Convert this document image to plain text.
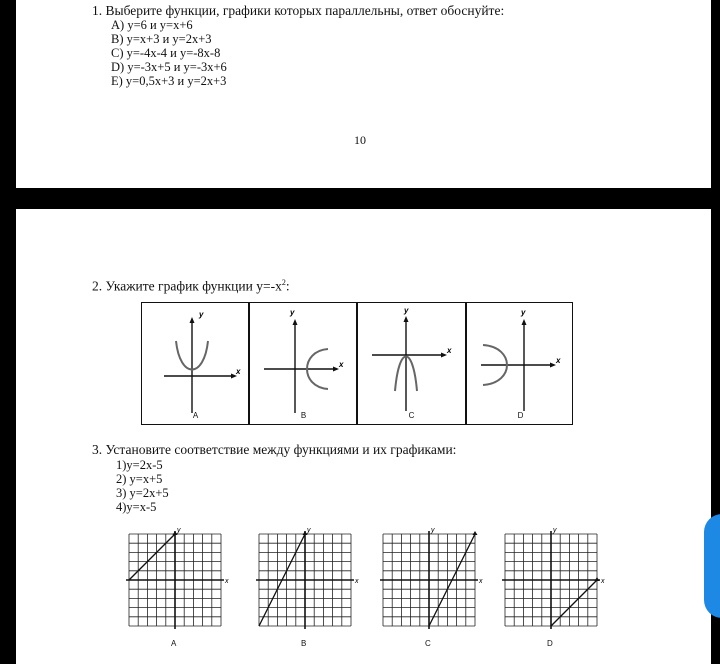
1. Выберите функции, графики которых параллельны, ответ обоснуйте:
A) y=6 и y=x+6
B) y=x+3 и y=2x+3
C) y=-4x-4 и y=-8x-8
D) y=-3x+5 и y=-3x+6
E) y=0,5x+3 и y=2x+3
10
2. Укажите график функции $y=-x^2$:
y
x
A
y
x
B
y
x
C
y
x
D
3. Установите соответствие между функциями и их графиками:
1)y=2x-5
2) y=x+5
3) y=2x+5
4)y=x-5
x
y
x
y
x
y
x
y
A	B	C	D
